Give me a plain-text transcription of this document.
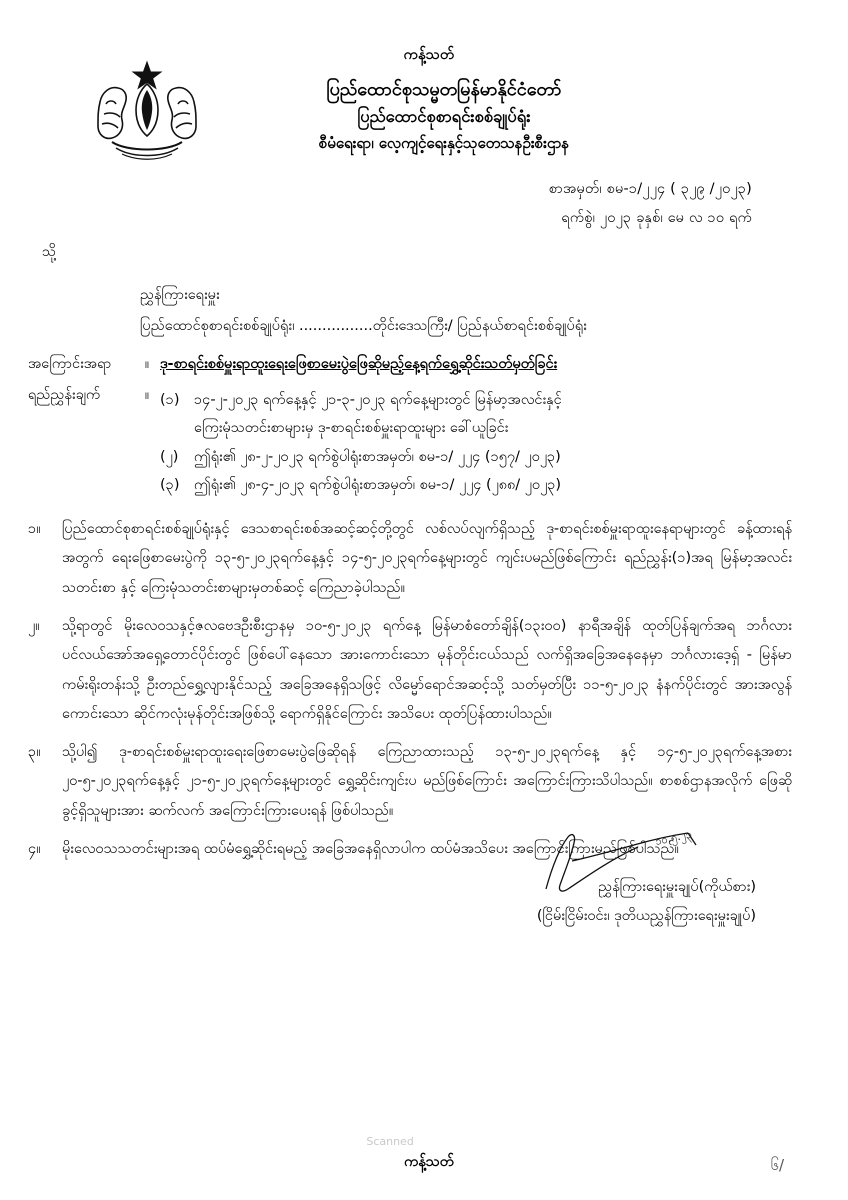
ကန့်သတ်
ပြည်ထောင်စုသမ္မတမြန်မာနိုင်ငံတော်
ပြည်ထောင်စုစာရင်းစစ်ချုပ်ရုံး
စီမံရေးရာ၊ လေ့ကျင့်ရေးနှင့်သုတေသနဦးစီးဌာန
စာအမှတ်၊ စမ-၁/၂၂၄ ( ၃၂၉ /၂၀၂၃)
ရက်စွဲ၊ ၂၀၂၃ ခုနှစ်၊ မေ လ ၁၀ ရက်
သို့
ညွှန်ကြားရေးမှူး
ပြည်ထောင်စုစာရင်းစစ်ချုပ်ရုံး၊ ................တိုင်းဒေသကြီး/ ပြည်နယ်စာရင်းစစ်ချုပ်ရုံး
အကြောင်းအရာ	။ ဒု-စာရင်းစစ်မှူးရာထူးရေးဖြေစာမေးပွဲဖြေဆိုမည့်နေ့ရက်ရွှေ့ဆိုင်းသတ်မှတ်ခြင်း
ရည်ညွှန်းချက်	။ (၁)	၁၄-၂-၂၀၂၃ ရက်နေ့နှင့် ၂၁-၃-၂၀၂၃ ရက်နေ့များတွင် မြန်မာ့အလင်းနှင့်
ကြေးမုံသတင်းစာများမှ ဒု-စာရင်းစစ်မှူးရာထူးများ ခေါ်ယူခြင်း
(၂)	ဤရုံး၏ ၂၈-၂-၂၀၂၃ ရက်စွဲပါရုံးစာအမှတ်၊ စမ-၁/ ၂၂၄ (၁၅၇/ ၂၀၂၃)
(၃)	ဤရုံး၏ ၂၈-၄-၂၀၂၃ ရက်စွဲပါရုံးစာအမှတ်၊ စမ-၁/ ၂၂၄ (၂၈၈/ ၂၀၂၃)
၁။	ပြည်ထောင်စုစာရင်းစစ်ချုပ်ရုံးနှင့် ဒေသစာရင်းစစ်အဆင့်ဆင့်တို့တွင် လစ်လပ်လျက်ရှိသည့် ဒု-စာရင်းစစ်မှူးရာထူးနေရာများတွင် ခန့်ထားရန်အတွက် ရေးဖြေစာမေးပွဲကို ၁၃-၅-၂၀၂၃ရက်နေ့နှင့် ၁၄-၅-၂၀၂၃ရက်နေ့များတွင် ကျင်းပမည်ဖြစ်ကြောင်း ရည်ညွှန်း(၁)အရ မြန်မာ့အလင်းသတင်းစာ နှင့် ကြေးမုံသတင်းစာများမှတစ်ဆင့် ကြေညာခဲ့ပါသည်။
၂။	သို့ရာတွင် မိုးလေဝသနှင့်ဇလဗေဒဦးစီးဌာနမှ ၁၀-၅-၂၀၂၃ ရက်နေ့ မြန်မာစံတော်ချိန်(၁၃း၀၀) နာရီအချိန် ထုတ်ပြန်ချက်အရ ဘင်္ဂလားပင်လယ်အော်အရှေ့တောင်ပိုင်းတွင် ဖြစ်ပေါ်နေသော အားကောင်းသော မုန်တိုင်းငယ်သည် လက်ရှိအခြေအနေနေမှာ ဘင်္ဂလားဒေ့ရှ် - မြန်မာကမ်းရိုးတန်းသို့ ဦးတည်ရွှေ့လျားနိုင်သည့် အခြေအနေရှိသဖြင့် လိမ္မော်ရောင်အဆင့်သို့ သတ်မှတ်ပြီး ၁၁-၅-၂၀၂၃ နံနက်ပိုင်းတွင် အားအလွန်ကောင်းသော ဆိုင်ကလုံးမုန်တိုင်းအဖြစ်သို့ ရောက်ရှိနိုင်ကြောင်း အသိပေး ထုတ်ပြန်ထားပါသည်။
၃။	သို့ပါ၍ ဒု-စာရင်းစစ်မှူးရာထူးရေးဖြေစာမေးပွဲဖြေဆိုရန် ကြေညာထားသည့် ၁၃-၅-၂၀၂၃ရက်နေ့ နှင့် ၁၄-၅-၂၀၂၃ရက်နေ့အစား ၂၀-၅-၂၀၂၃ရက်နေ့နှင့် ၂၁-၅-၂၀၂၃ရက်နေ့များတွင် ရွှေ့ဆိုင်းကျင်းပ မည်ဖြစ်ကြောင်း အကြောင်းကြားသိပါသည်။ စာစစ်ဌာနအလိုက် ဖြေဆိုခွင့်ရှိသူများအား ဆက်လက် အကြောင်းကြားပေးရန် ဖြစ်ပါသည်။
၄။	မိုးလေဝသသတင်းများအရ ထပ်မံရွှေ့ဆိုင်းရမည့် အခြေအနေရှိလာပါက ထပ်မံအသိပေး အကြောင်းကြားမည်ဖြစ်ပါသည်။
၁၀.၅.၂၃
ညွှန်ကြားရေးမှူးချုပ်(ကိုယ်စား)
(ငြိမ်းငြိမ်းဝင်း၊ ဒုတိယညွှန်ကြားရေးမှူးချုပ်)
Scanned
၆/
ကန့်သတ်
